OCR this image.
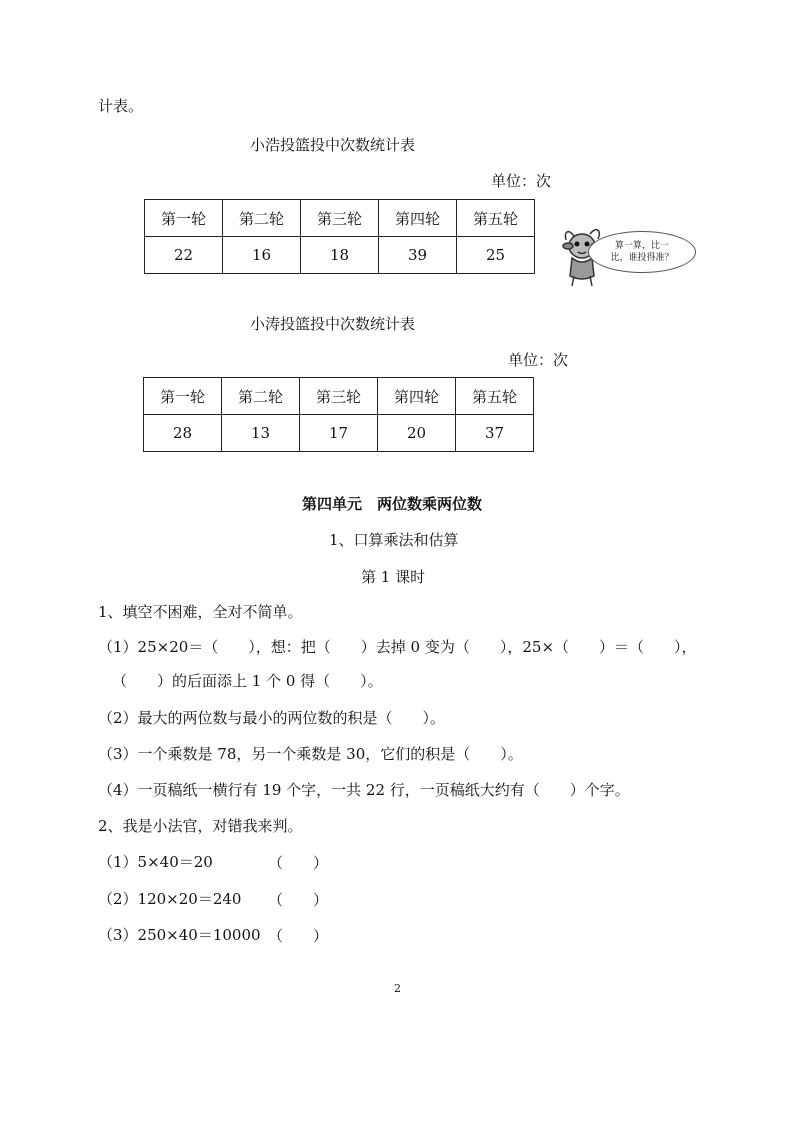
计表。
小浩投篮投中次数统计表
单位：次
第一轮	第二轮	第三轮	第四轮	第五轮
22	16	18	39	25	算一算，比一比，谁投得准？
小涛投篮投中次数统计表
单位：次
第一轮	第二轮	第三轮	第四轮	第五轮
28	13	17	20	37
第四单元　两位数乘两位数
1、口算乘法和估算
第 1 课时
1、填空不困难，全对不简单。
（1）25×20＝（　　），想：把（　　）去掉 0 变为（　　），25×（　　）＝（　　），
（　　）的后面添上 1 个 0 得（　　）。
（2）最大的两位数与最小的两位数的积是（　　）。
（3）一个乘数是 78，另一个乘数是 30，它们的积是（　　）。
（4）一页稿纸一横行有 19 个字，一共 22 行，一页稿纸大约有（　　）个字。
2、我是小法官，对错我来判。
（1）5×40＝20	（　　）
（2）120×20＝240 （　　）
（3）250×40＝10000 （　　）
2
